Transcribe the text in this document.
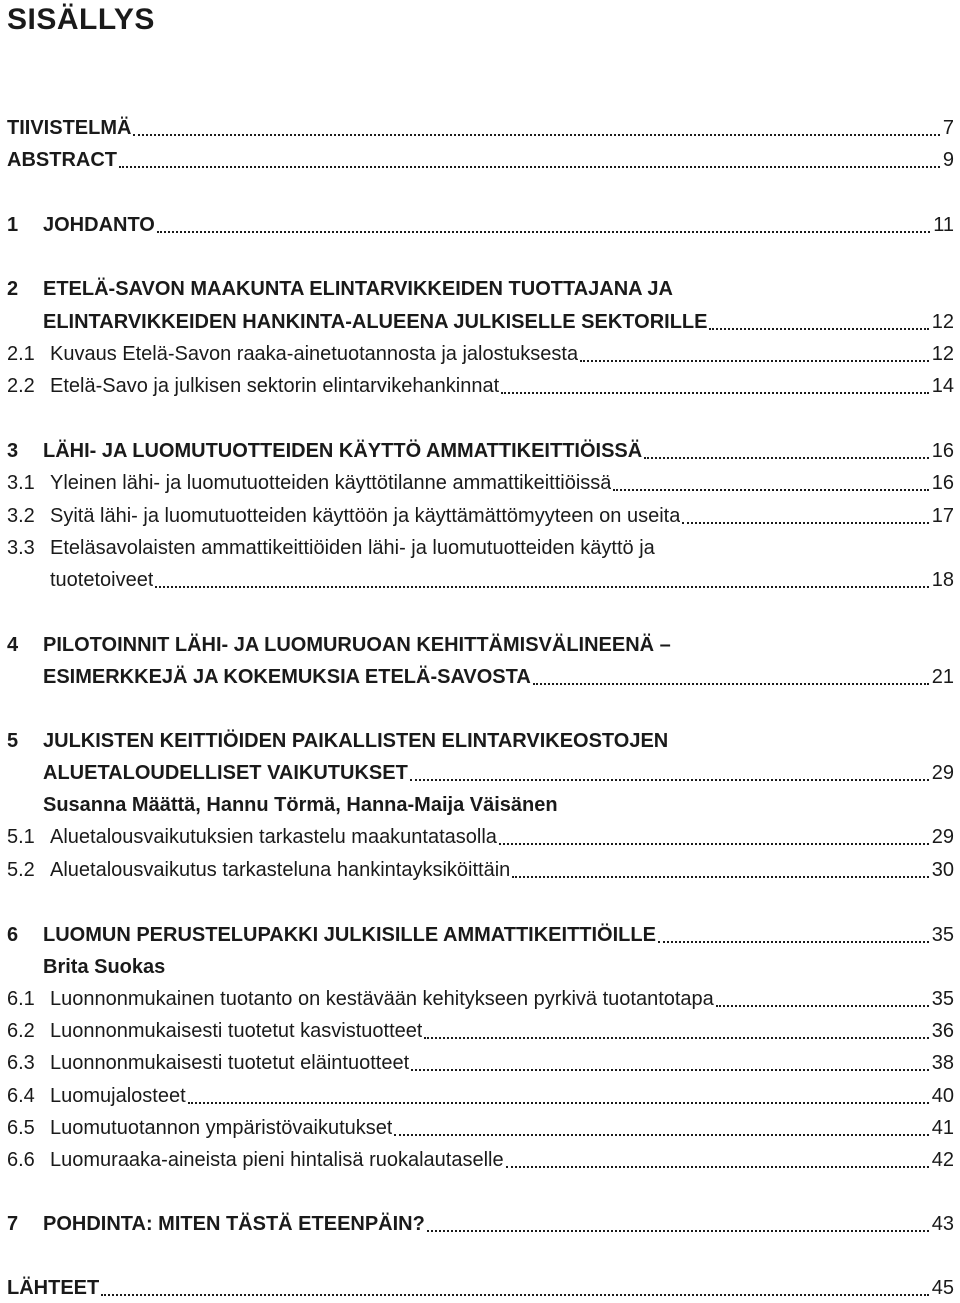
SISÄLLYS
TIIVISTELMÄ	7
ABSTRACT	9
1	JOHDANTO	11
2	ETELÄ-SAVON MAAKUNTA ELINTARVIKKEIDEN TUOTTAJANA JA
ELINTARVIKKEIDEN HANKINTA-ALUEENA JULKISELLE SEKTORILLE	12
2.1 Kuvaus Etelä-Savon raaka-ainetuotannosta ja jalostuksesta	12
2.2 Etelä-Savo ja julkisen sektorin elintarvikehankinnat	14
3	LÄHI- JA LUOMUTUOTTEIDEN KÄYTTÖ AMMATTIKEITTIÖISSÄ	16
3.1 Yleinen lähi- ja luomutuotteiden käyttötilanne ammattikeittiöissä	16
3.2 Syitä lähi- ja luomutuotteiden käyttöön ja käyttämättömyyteen on useita	17
3.3 Eteläsavolaisten ammattikeittiöiden lähi- ja luomutuotteiden käyttö ja
tuotetoiveet	18
4	PILOTOINNIT LÄHI- JA LUOMURUOAN KEHITTÄMISVÄLINEENÄ –
ESIMERKKEJÄ JA KOKEMUKSIA ETELÄ-SAVOSTA	21
5	JULKISTEN KEITTIÖIDEN PAIKALLISTEN ELINTARVIKEOSTOJEN
ALUETALOUDELLISET VAIKUTUKSET	29
Susanna Määttä, Hannu Törmä, Hanna-Maija Väisänen
5.1 Aluetalousvaikutuksien tarkastelu maakuntatasolla	29
5.2 Aluetalousvaikutus tarkasteluna hankintayksiköittäin	30
6	LUOMUN PERUSTELUPAKKI JULKISILLE AMMATTIKEITTIÖILLE	35
Brita Suokas
6.1 Luonnonmukainen tuotanto on kestävään kehitykseen pyrkivä tuotantotapa	35
6.2 Luonnonmukaisesti tuotetut kasvistuotteet	36
6.3 Luonnonmukaisesti tuotetut eläintuotteet	38
6.4 Luomujalosteet	40
6.5 Luomutuotannon ympäristövaikutukset	41
6.6 Luomuraaka-aineista pieni hintalisä ruokalautaselle	42
7	POHDINTA: MITEN TÄSTÄ ETEENPÄIN?	43
LÄHTEET	45
